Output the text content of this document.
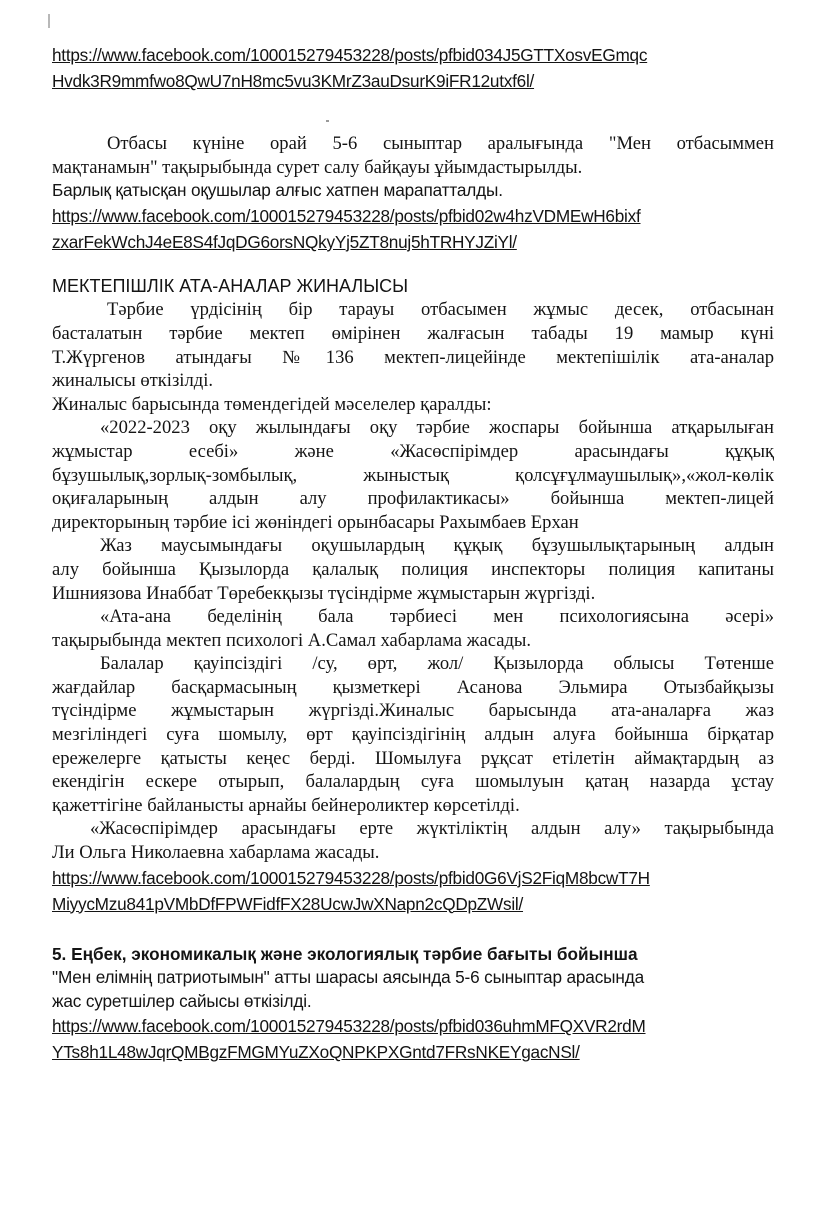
https://www.facebook.com/100015279453228/posts/pfbid034J5GTTXosvEGmqc
Hvdk3R9mmfwo8QwU7nH8mc5vu3KMrZ3auDsurK9iFR12utxf6l/
Отбасы күніне орай 5-6 сыныптар аралығында "Мен отбасыммен
мақтанамын" тақырыбында сурет салу байқауы ұйымдастырылды.
Барлық қатысқан оқушылар алғыс хатпен марапатталды.
https://www.facebook.com/100015279453228/posts/pfbid02w4hzVDMEwH6bixf
zxarFekWchJ4eE8S4fJqDG6orsNQkyYj5ZT8nuj5hTRHYJZiYl/
МЕКТЕПІШЛІК АТА-АНАЛАР ЖИНАЛЫСЫ
Тәрбие үрдісінің бір тарауы отбасымен жұмыс десек, отбасынан
басталатын тәрбие мектеп өмірінен жалғасын табады 19 мамыр күні
Т.Жүргенов атындағы №136 мектеп-лицейінде мектепішілік ата-аналар
жиналысы өткізілді.
Жиналыс барысында төмендегідей мәселелер қаралды:
«2022-2023 оқу жылындағы оқу тәрбие жоспары бойынша атқарылыған
жұмыстар есебі» және «Жасөспірімдер арасындағы құқық
бұзушылық,зорлық-зомбылық, жыныстық қолсұғұлмаушылық»,«жол-көлік
оқиғаларының алдын алу профилактикасы» бойынша мектеп-лицей
директорының тәрбие ісі жөніндегі орынбасары Рахымбаев Ерхан
Жаз маусымындағы оқушылардың құқық бұзушылықтарының алдын
алу бойынша Қызылорда қалалық полиция инспекторы полиция капитаны
Ишниязова Инаббат Төребекқызы түсіндірме жұмыстарын жүргізді.
«Ата-ана беделінің бала тәрбиесі мен психологиясына әсері»
тақырыбында мектеп психологі А.Самал хабарлама жасады.
Балалар қауіпсіздігі /су, өрт, жол/ Қызылорда облысы Төтенше
жағдайлар басқармасының қызметкері Асанова Эльмира Отызбайқызы
түсіндірме жұмыстарын жүргізді.Жиналыс барысында ата-аналарға жаз
мезгіліндегі суға шомылу, өрт қауіпсіздігінің алдын алуға бойынша бірқатар
ережелерге қатысты кеңес берді. Шомылуға рұқсат етілетін аймақтардың аз
екендігін ескере отырып, балалардың суға шомылуын қатаң назарда ұстау
қажеттігіне байланысты арнайы бейнероликтер көрсетілді.
«Жасөспірімдер арасындағы ерте жүктіліктің алдын алу» тақырыбында
Ли Ольга Николаевна хабарлама жасады.
https://www.facebook.com/100015279453228/posts/pfbid0G6VjS2FiqM8bcwT7H
MiyycMzu841pVMbDfFPWFidfFX28UcwJwXNapn2cQDpZWsil/
5. Еңбек, экономикалық және экологиялық тәрбие бағыты бойынша
"Мен елімнің патриотымын" атты шарасы аясында 5-6 сыныптар арасында
жас суретшілер сайысы өткізілді.
https://www.facebook.com/100015279453228/posts/pfbid036uhmMFQXVR2rdM
YTs8h1L48wJqrQMBgzFMGMYuZXoQNPKPXGntd7FRsNKEYgacNSl/
